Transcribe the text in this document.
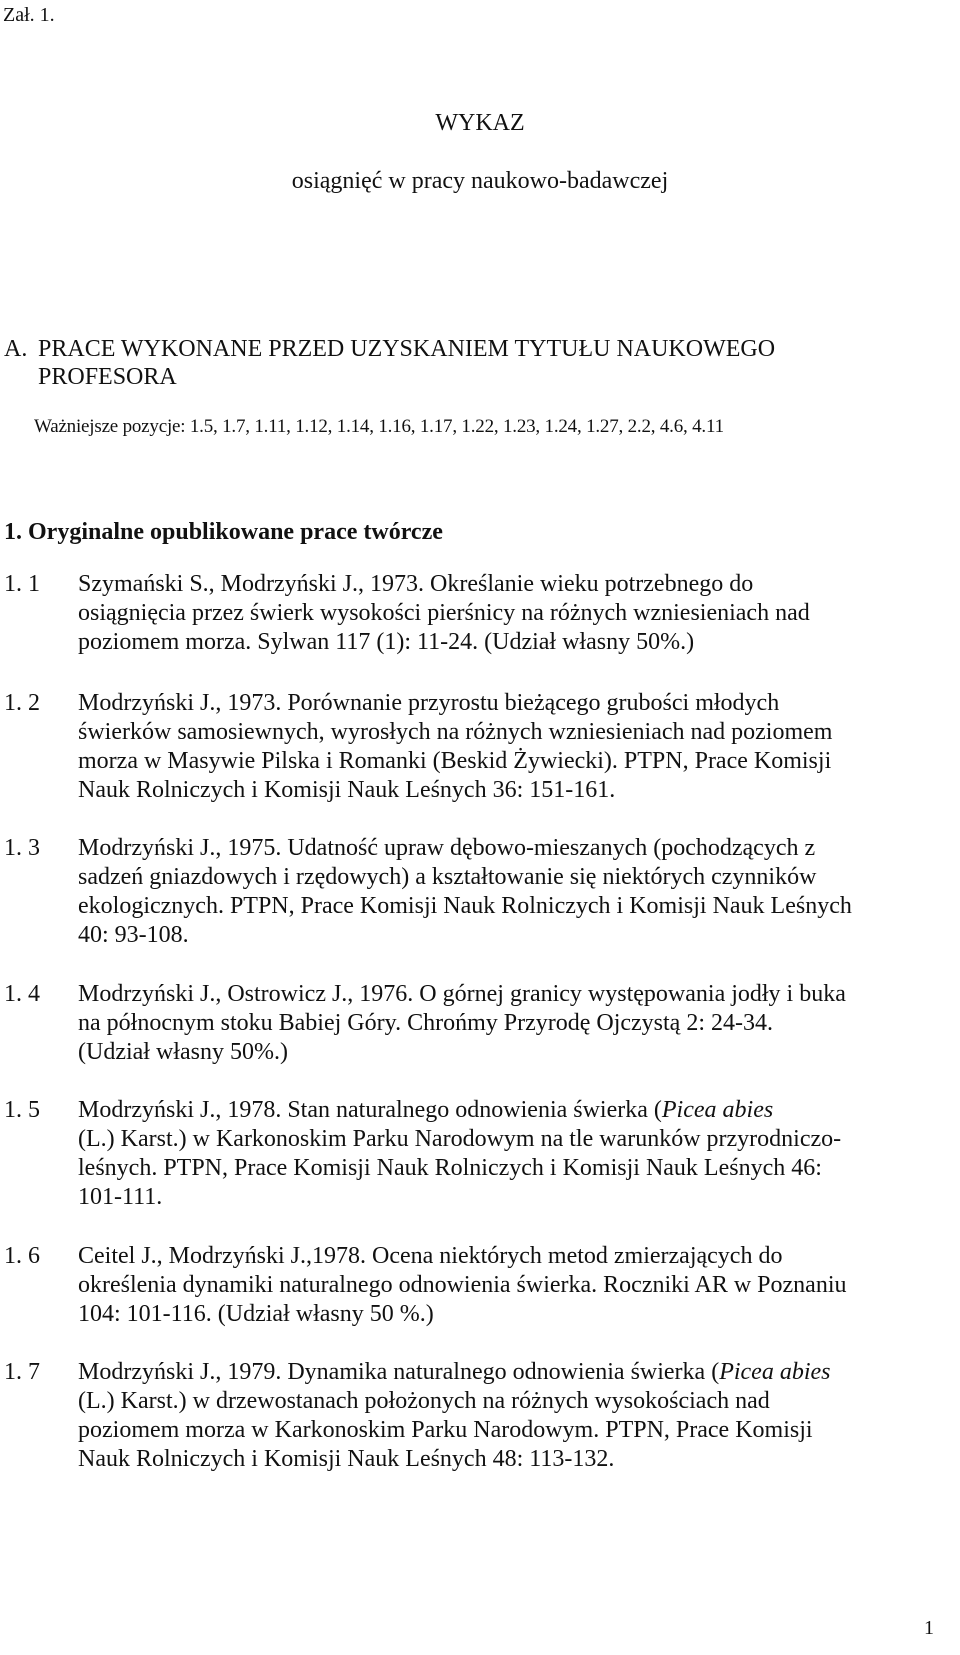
Zał. 1.
WYKAZ
osiągnięć w pracy naukowo-badawczej
A. PRACE WYKONANE PRZED UZYSKANIEM TYTUŁU NAUKOWEGO
PROFESORA
Ważniejsze pozycje: 1.5, 1.7, 1.11, 1.12, 1.14, 1.16, 1.17, 1.22, 1.23, 1.24, 1.27, 2.2, 4.6, 4.11
1. Oryginalne opublikowane prace twórcze
1. 1 Szymański S., Modrzyński J., 1973. Określanie wieku potrzebnego do
osiągnięcia przez świerk wysokości pierśnicy na różnych wzniesieniach nad
poziomem morza. Sylwan 117 (1): 11-24. (Udział własny 50%.)
1. 2 Modrzyński J., 1973. Porównanie przyrostu bieżącego grubości młodych
świerków samosiewnych, wyrosłych na różnych wzniesieniach nad poziomem
morza w Masywie Pilska i Romanki (Beskid Żywiecki). PTPN, Prace Komisji
Nauk Rolniczych i Komisji Nauk Leśnych 36: 151-161.
1. 3 Modrzyński J., 1975. Udatność upraw dębowo-mieszanych (pochodzących z
sadzeń gniazdowych i rzędowych) a kształtowanie się niektórych czynników
ekologicznych. PTPN, Prace Komisji Nauk Rolniczych i Komisji Nauk Leśnych
40: 93-108.
1. 4 Modrzyński J., Ostrowicz J., 1976. O górnej granicy występowania jodły i buka
na północnym stoku Babiej Góry. Chrońmy Przyrodę Ojczystą 2: 24-34.
(Udział własny 50%.)
1. 5 Modrzyński J., 1978. Stan naturalnego odnowienia świerka (Picea abies
(L.) Karst.) w Karkonoskim Parku Narodowym na tle warunków przyrodniczo-
leśnych. PTPN, Prace Komisji Nauk Rolniczych i Komisji Nauk Leśnych 46:
101-111.
1. 6 Ceitel J., Modrzyński J.,1978. Ocena niektórych metod zmierzających do
określenia dynamiki naturalnego odnowienia świerka. Roczniki AR w Poznaniu
104: 101-116. (Udział własny 50 %.)
1. 7 Modrzyński J., 1979. Dynamika naturalnego odnowienia świerka (Picea abies
(L.) Karst.) w drzewostanach położonych na różnych wysokościach nad
poziomem morza w Karkonoskim Parku Narodowym. PTPN, Prace Komisji
Nauk Rolniczych i Komisji Nauk Leśnych 48: 113-132.
1
